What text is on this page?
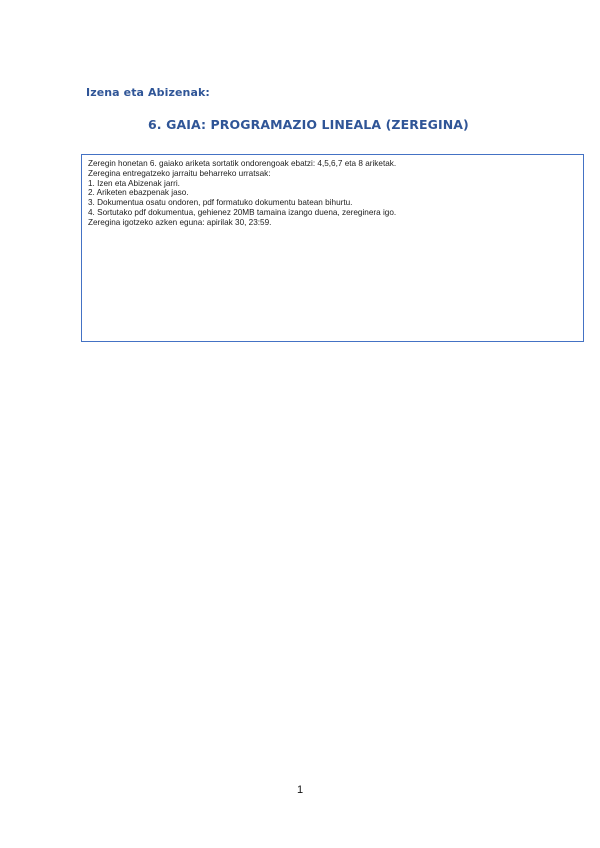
Izena eta Abizenak:
6. GAIA: PROGRAMAZIO LINEALA (ZEREGINA)
Zeregin honetan 6. gaiako ariketa sortatik ondorengoak ebatzi: 4,5,6,7 eta 8 ariketak.
Zeregina entregatzeko jarraitu beharreko urratsak:
1. Izen eta Abizenak jarri.
2. Ariketen ebazpenak jaso.
3. Dokumentua osatu ondoren, pdf formatuko dokumentu batean bihurtu.
4. Sortutako pdf dokumentua, gehienez 20MB tamaina izango duena, zereginera igo.
Zeregina igotzeko azken eguna: apirilak 30, 23:59.
1
